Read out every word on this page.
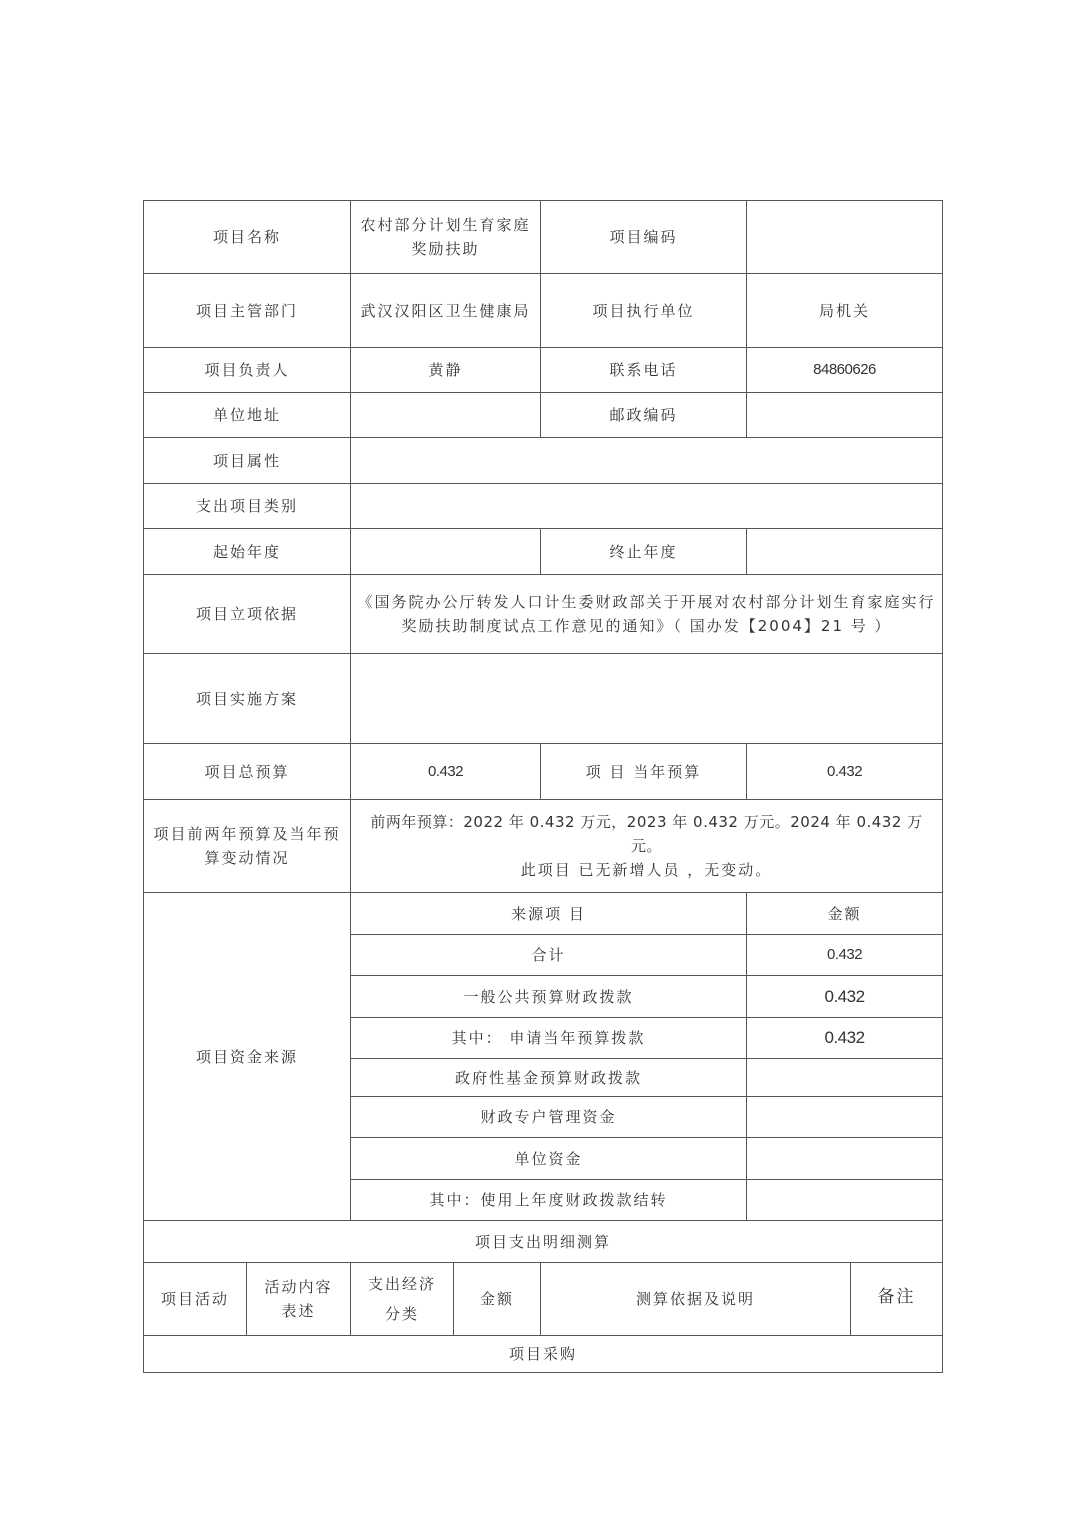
项目名称		农村部分计划生育家庭奖励扶助		项目编码		
项目主管部门		武汉汉阳区卫生健康局		项目执行单位	局机关	
项目负责人		黄静		联系电话	84860626	
单位地址				邮政编码		
项目属性						
支出项目类别						
起始年度				终止年度		
项目立项依据		《国务院办公厅转发人口计生委财政部关于开展对农村部分计划生育家庭实行奖励扶助制度试点工作意见的通知》（ 国办发【2004】21 号 ）				
项目实施方案						
项目总预算		0.432		项 目 当年预算	0.432	
项目前两年预算及当年预算变动情况		前两年预算：2022 年 0.432 万元，2023 年 0.432 万元。2024 年 0.432 万元。
此项目 已无新增人员 ，无变动。				

项目资金来源		来源项 目			金额	
		合计			0.432	
		一般公共预算财政拨款			0.432	
		其中： 申请当年预算拨款			0.432	
		政府性基金预算财政拨款				
		财政专户管理资金				
		单位资金				
		其中：使用上年度财政拨款结转				
项目支出明细测算						
项目活动	活动内容表述	支出经济分类	金额	测算依据及说明		备注
项目采购						
